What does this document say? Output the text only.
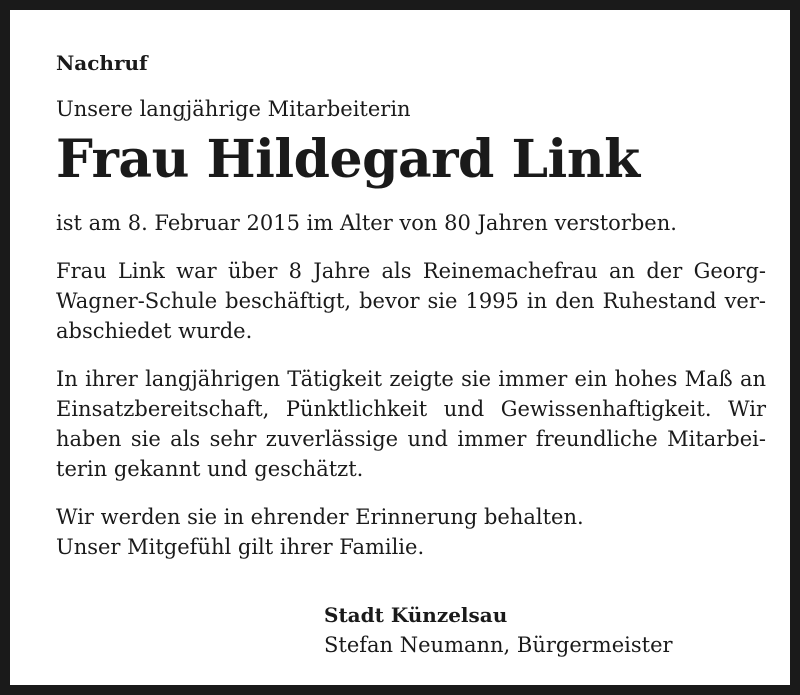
Nachruf

Unsere langjährige Mitarbeiterin

Frau Hildegard Link

ist am 8. Februar 2015 im Alter von 80 Jahren verstorben.

Frau Link war über 8 Jahre als Reinemachefrau an der Georg-
Wagner-Schule beschäftigt, bevor sie 1995 in den Ruhestand ver-
abschiedet wurde.

In ihrer langjährigen Tätigkeit zeigte sie immer ein hohes Maß an
Einsatzbereitschaft, Pünktlichkeit und Gewissenhaftigkeit. Wir
haben sie als sehr zuverlässige und immer freundliche Mitarbei-
terin gekannt und geschätzt.

Wir werden sie in ehrender Erinnerung behalten.
Unser Mitgefühl gilt ihrer Familie.

Stadt Künzelsau

Stefan Neumann, Bürgermeister
